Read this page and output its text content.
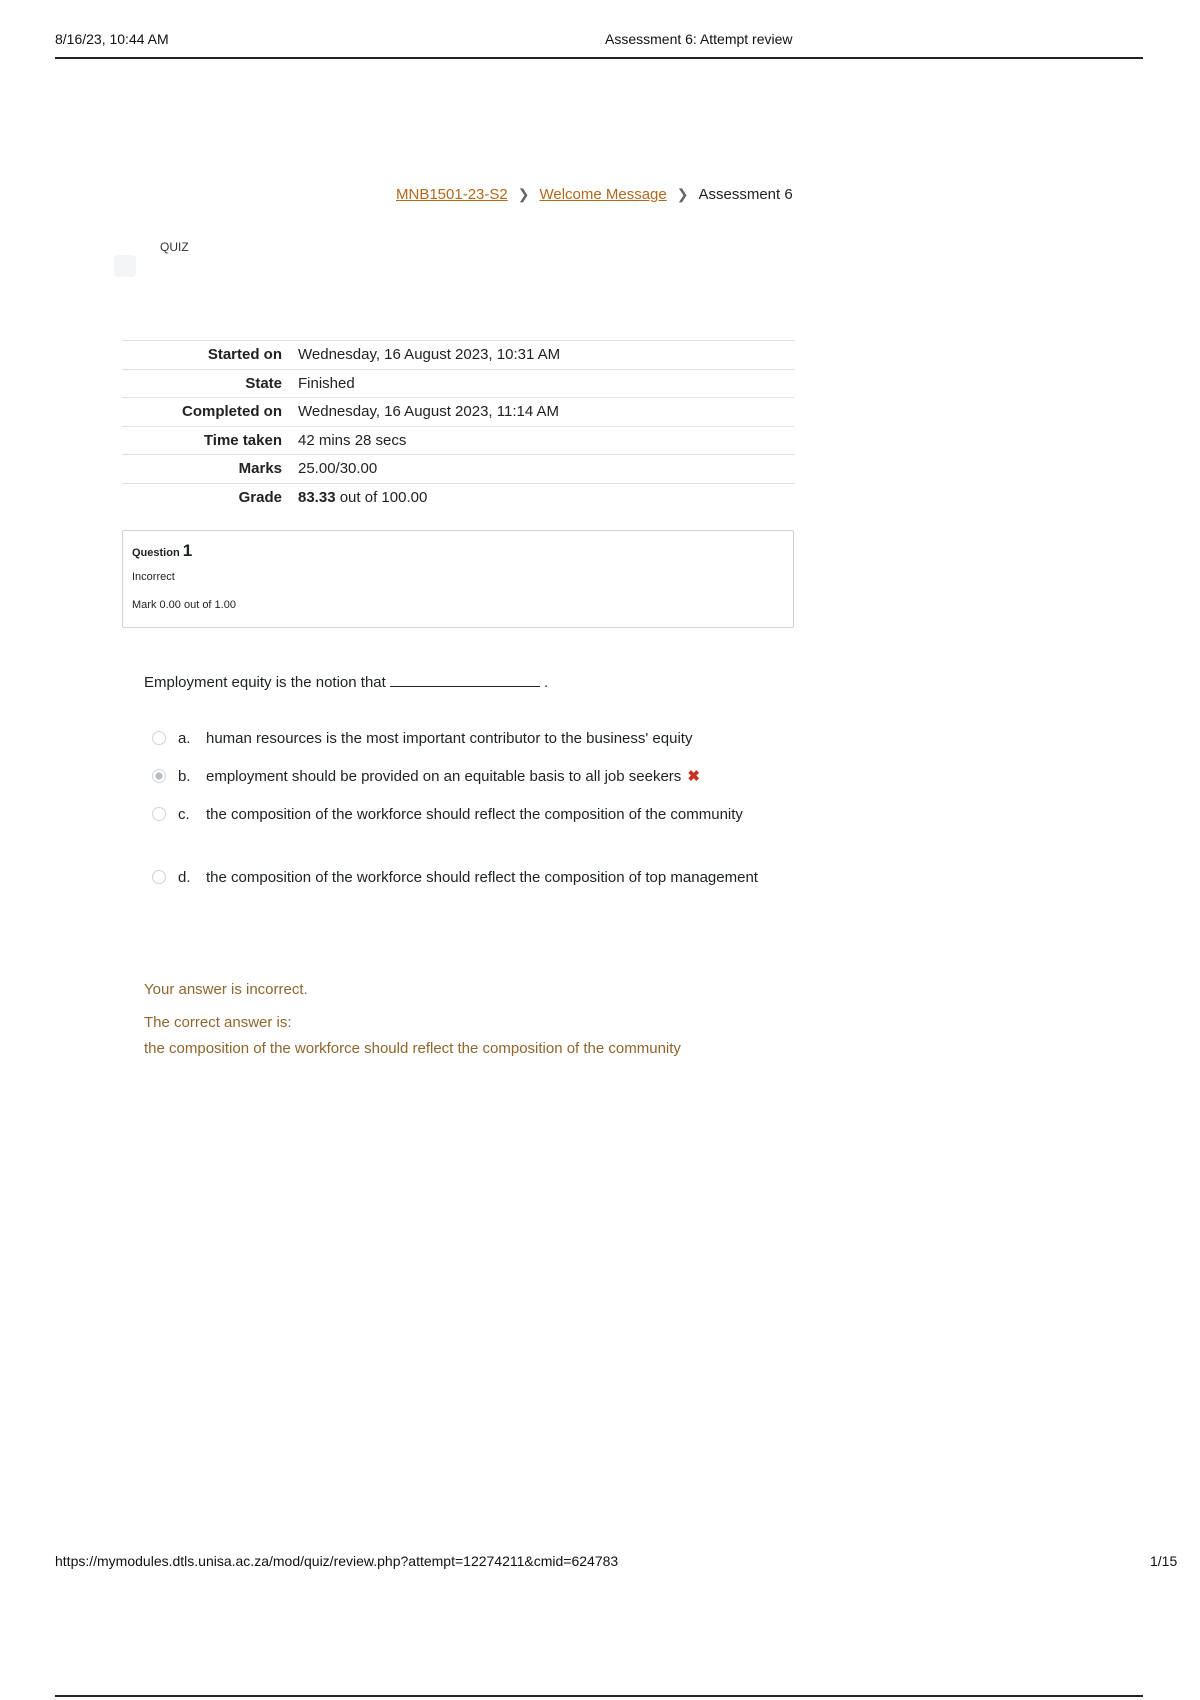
8/16/23, 10:44 AM	Assessment 6: Attempt review
MNB1501-23-S2 ❯ Welcome Message ❯ Assessment 6
QUIZ
Started on	Wednesday, 16 August 2023, 10:31 AM
State	Finished
Completed on	Wednesday, 16 August 2023, 11:14 AM
Time taken	42 mins 28 secs
Marks	25.00/30.00
Grade	83.33 out of 100.00
Question 1
Incorrect
Mark 0.00 out of 1.00
Employment equity is the notion that	.
a.	human resources is the most important contributor to the business' equity
b.	employment should be provided on an equitable basis to all job seekers ✖
c.	the composition of the workforce should reflect the composition of the community
d.	the composition of the workforce should reflect the composition of top management
Your answer is incorrect.
The correct answer is:
the composition of the workforce should reflect the composition of the community
https://mymodules.dtls.unisa.ac.za/mod/quiz/review.php?attempt=12274211&cmid=624783	1/15
